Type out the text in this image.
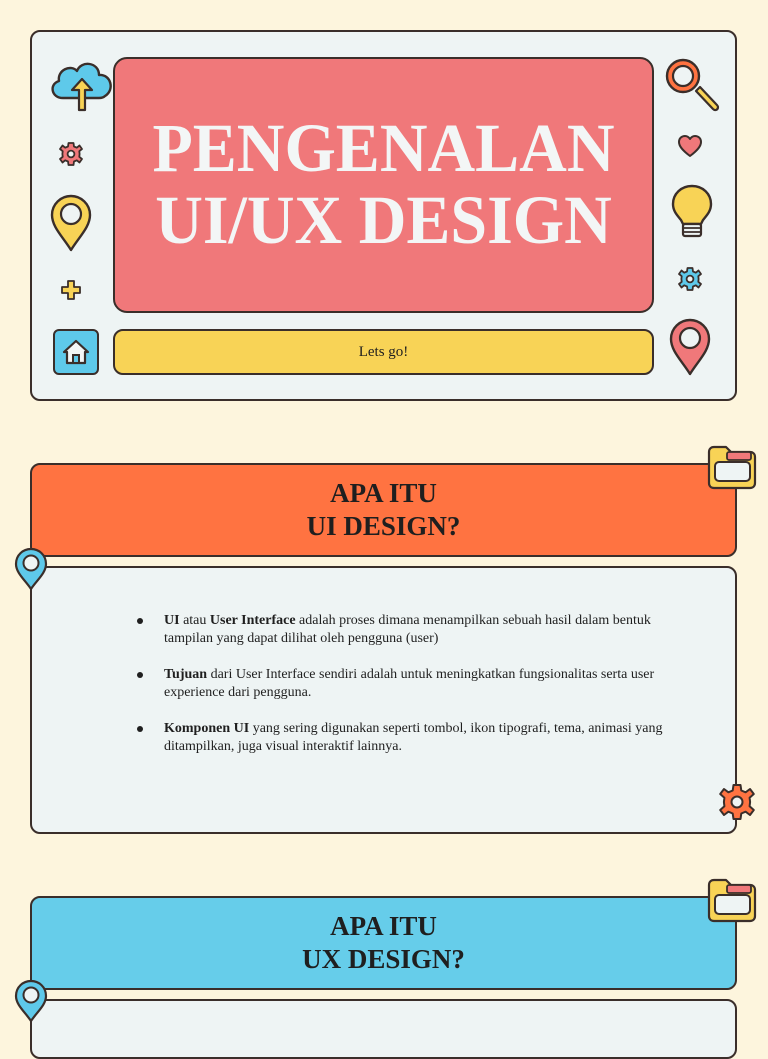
PENGENALAN
UI/UX DESIGN
Lets go!
UI atau User Interface adalah proses dimana menampilkan sebuah hasil dalam bentuk tampilan yang dapat dilihat oleh pengguna (user)
Tujuan dari User Interface sendiri adalah untuk meningkatkan fungsionalitas serta user experience dari pengguna.
Komponen UI yang sering digunakan seperti tombol, ikon tipografi, tema, animasi yang ditampilkan, juga visual interaktif lainnya.
APA ITU
UI DESIGN?
APA ITU
UX DESIGN?
